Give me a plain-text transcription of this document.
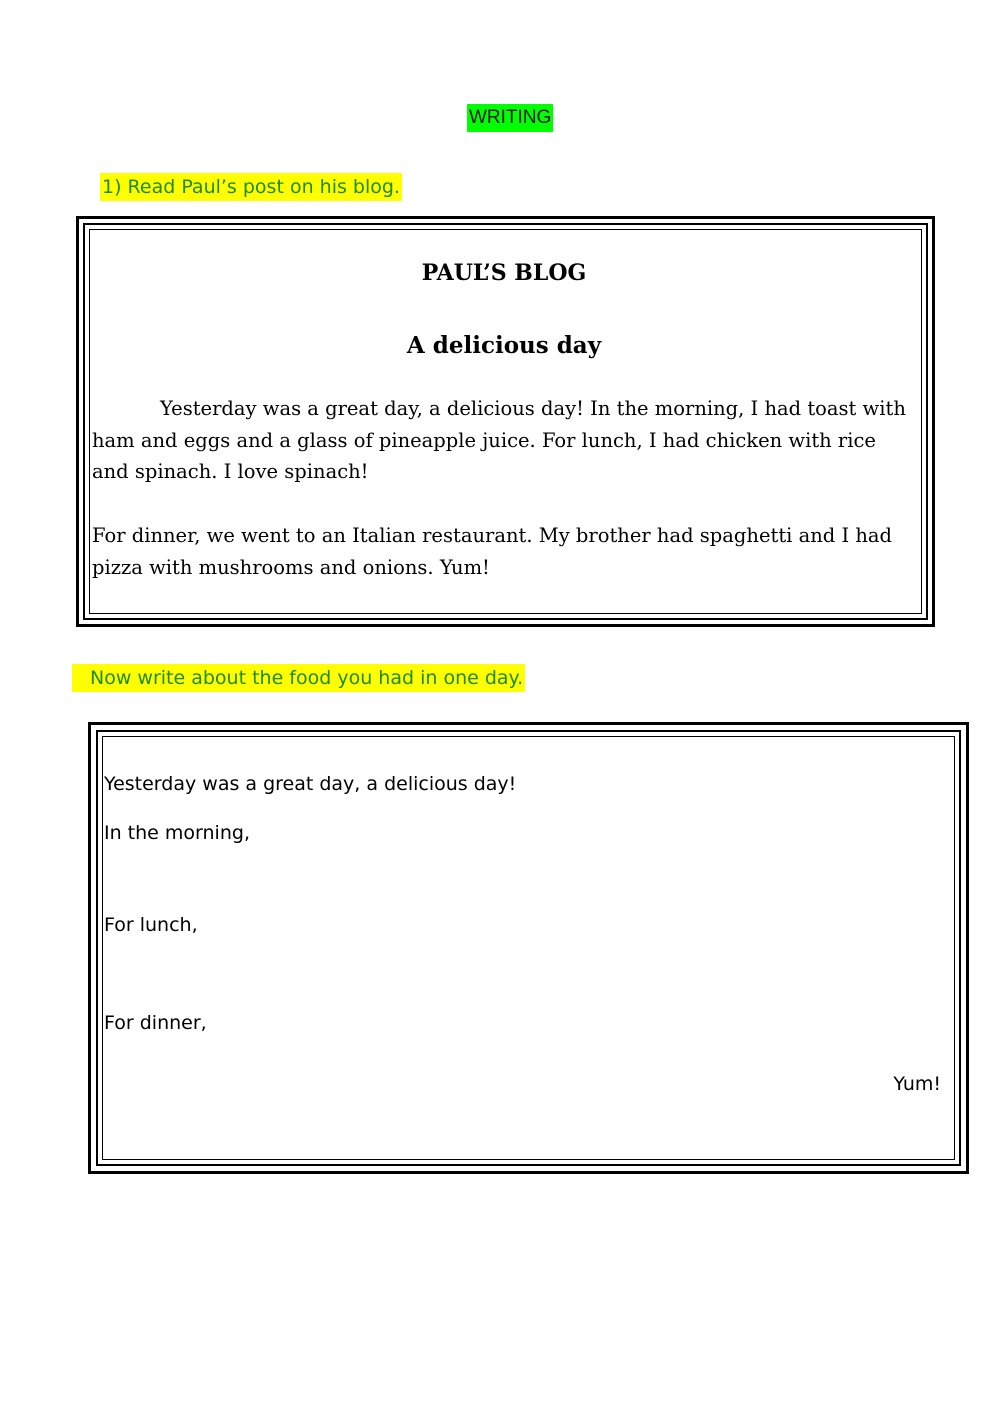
WRITING
1) Read Paul’s post on his blog.
PAUL’S BLOG
A delicious day
Yesterday was a great day, a delicious day! In the morning, I had toast with ham and eggs and a glass of pineapple juice. For lunch, I had chicken with rice and spinach. I love spinach!
For dinner, we went to an Italian restaurant. My brother had spaghetti and I had pizza with mushrooms and onions. Yum!
Now write about the food you had in one day.
Yesterday was a great day, a delicious day!
In the morning,
For lunch,
For dinner,
Yum!
